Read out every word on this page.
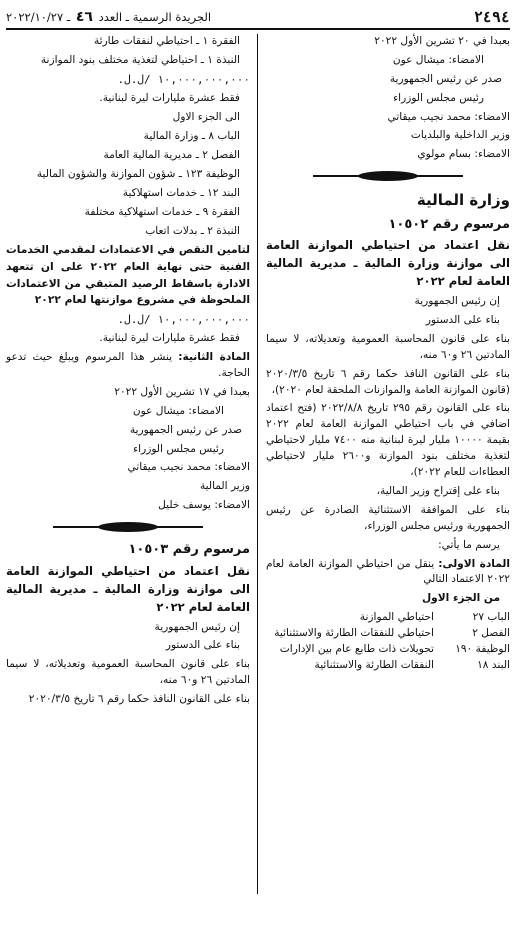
٢٤٩٤
الجريدة الرسمية ـ العدد ٤٦ ـ ٢٠٢٢/١٠/٢٧

بعبدا في ٢٠ تشرين الأول ٢٠٢٢

الامضاء: ميشال عون

صدر عن رئيس الجمهورية

رئيس مجلس الوزراء

الامضاء: محمد نجيب ميقاتي

وزير الداخلية والبلديات

الامضاء: بسام مولوي

وزارة المالية

مرسوم رقم ١٠٥٠٢

نقل اعتماد من احتياطي الموازنة العامة الى موازنة وزارة المالية ـ مديرية المالية العامة لعام ٢٠٢٢

إن رئيس الجمهورية

بناء على الدستور

بناء على قانون المحاسبة العمومية وتعديلاته، لا سيما المادتين ٢٦ و٦٠ منه،

بناء على القانون النافذ حكما رقم ٦ تاريخ ٢٠٢٠/٣/٥ (قانون الموازنة العامة والموازنات الملحقة لعام ٢٠٢٠)،

بناء على القانون رقم ٢٩٥ تاريخ ٢٠٢٢/٨/٨ (فتح اعتماد اضافي في باب احتياطي الموازنة العامة لعام ٢٠٢٢ بقيمة ١٠٠٠٠ مليار ليرة لبنانية منه ٧٤٠٠ مليار لاحتياطي لتغذية مختلف بنود الموازنة و٢٦٠٠ مليار لاحتياطي العطاءات للعام ٢٠٢٢)،

بناء على إقتراح وزير المالية،

بناء على الموافقة الاستثنائية الصادرة عن رئيس الجمهورية ورئيس مجلس الوزراء،

يرسم ما يأتي:

المادة الاولى: ينقل من احتياطي الموازنة العامة لعام ٢٠٢٢ الاعتماد التالي

من الجزء الاول

الباب ٢٧
احتياطي الموازنة
الفصل ٢
احتياطي للنفقات الطارئة والاستثنائية
الوظيفة ١٩٠
تحويلات ذات طابع عام بين الإدارات
البند ١٨
النفقات الطارئة والاستثنائية

الفقرة ١ ـ احتياطي لنفقات طارئة

النبذة ١ ـ احتياطي لتغذية مختلف بنود الموازنة

١٠,٠٠٠,٠٠٠,٠٠٠ /ل.ل.

فقط عشرة مليارات ليرة لبنانية.

الى الجزء الاول

الباب ٨ ـ وزارة المالية

الفصل ٢ ـ مديرية المالية العامة

الوظيفة ١٢٣ ـ شؤون الموازنة والشؤون المالية

البند ١٢ ـ خدمات استهلاكية

الفقرة ٩ ـ خدمات استهلاكية مختلفة

النبذة ٢ ـ بدلات اتعاب

لتامين النقص في الاعتمادات لمقدمي الخدمات الفنية حتى نهاية العام ٢٠٢٢ على ان تتعهد الادارة باسقاط الرصيد المتبقي من الاعتمادات الملحوظة في مشروع موازنتها لعام ٢٠٢٢

١٠,٠٠٠,٠٠٠,٠٠٠ /ل.ل.

فقط عشرة مليارات ليرة لبنانية.

المادة الثانية: ينشر هذا المرسوم ويبلغ حيث تدعو الحاجة.

بعبدا في ١٧ تشرين الأول ٢٠٢٢

الامضاء: ميشال عون

صدر عن رئيس الجمهورية

رئيس مجلس الوزراء

الامضاء: محمد نجيب ميقاتي

وزير المالية

الامضاء: يوسف خليل

مرسوم رقم ١٠٥٠٣

نقل اعتماد من احتياطي الموازنة العامة الى موازنة وزارة المالية ـ مديرية المالية العامة لعام ٢٠٢٢

إن رئيس الجمهورية

بناء على الدستور

بناء على قانون المحاسبة العمومية وتعديلاته، لا سيما المادتين ٢٦ و٦٠ منه،

بناء على القانون النافذ حكما رقم ٦ تاريخ ٢٠٢٠/٣/٥
